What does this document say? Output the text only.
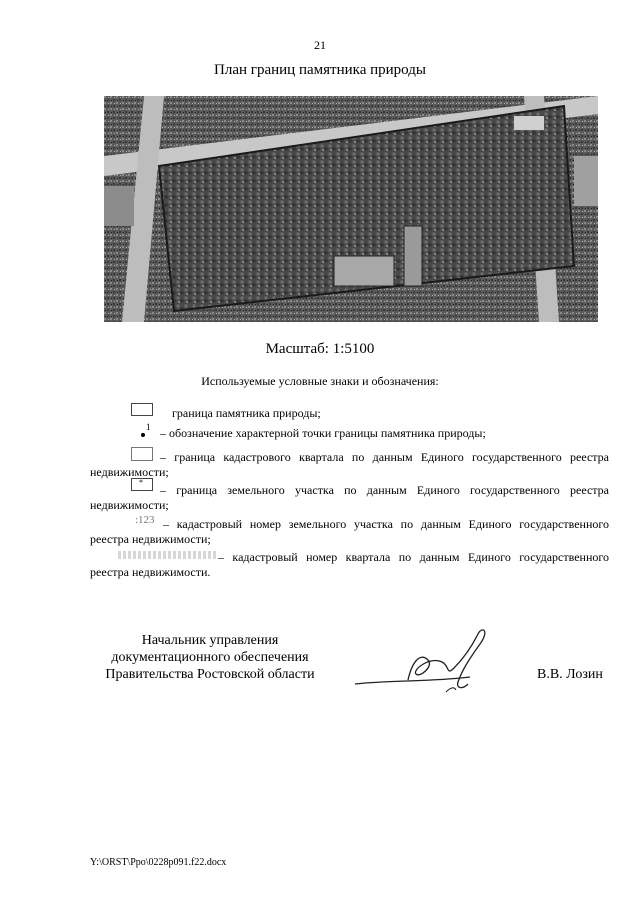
21
План границ памятника природы
Масштаб: 1:5100
Используемые условные знаки и обозначения:
граница памятника природы;
1 – обозначение характерной точки границы памятника природы;
– граница кадастрового квартала по данным Единого государственного реестра недвижимости;
*
– граница земельного участка по данным Единого государственного реестра недвижимости;
:123 – кадастровый номер земельного участка по данным Единого государственного реестра недвижимости;
– кадастровый номер квартала по данным Единого государственного реестра недвижимости.
Начальник управления
документационного обеспечения
Правительства Ростовской области	В.В. Лозин
Y:\ORST\Ppo\0228p091.f22.docx
